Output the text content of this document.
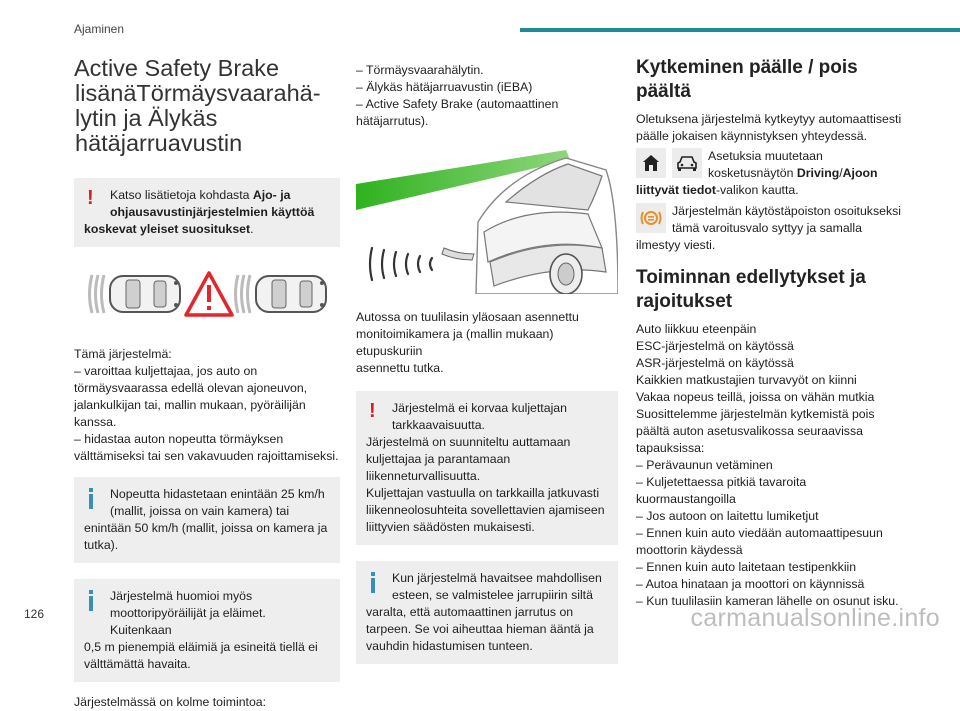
Ajaminen
Active Safety Brake
lisänäTörmäysvaarahä-
lytin ja Älykäs
hätäjarruavustin
!	Katso lisätietoja kohdasta Ajo- ja
ohjausavustinjärjestelmien käyttöä
koskevat yleiset suositukset.
Tämä järjestelmä:
– varoittaa kuljettajaa, jos auto on
törmäysvaarassa edellä olevan ajoneuvon,
jalankulkijan tai, mallin mukaan, pyöräilijän
kanssa.
– hidastaa auton nopeutta törmäyksen
välttämiseksi tai sen vakavuuden rajoittamiseksi.
Nopeutta hidastetaan enintään 25 km/h
(mallit, joissa on vain kamera) tai
enintään 50 km/h (mallit, joissa on kamera ja
tutka).
Järjestelmä huomioi myös
moottoripyöräilijät ja eläimet. Kuitenkaan
0,5 m pienempiä eläimiä ja esineitä tiellä ei
välttämättä havaita.

Järjestelmässä on kolme toimintoa:

– Törmäysvaarahälytin.
– Älykäs hätäjarruavustin (iEBA)
– Active Safety Brake (automaattinen
hätäjarrutus).
Autossa on tuulilasin yläosaan asennettu
monitoimikamera ja (mallin mukaan) etupuskuriin
asennettu tutka.
!	Järjestelmä ei korvaa kuljettajan
tarkkaavaisuutta.
Järjestelmä on suunniteltu auttamaan
kuljettajaa ja parantamaan
liikenneturvallisuutta.
Kuljettajan vastuulla on tarkkailla jatkuvasti
liikenneolosuhteita sovellettavien ajamiseen
liittyvien säädösten mukaisesti.
Kun järjestelmä havaitsee mahdollisen
esteen, se valmistelee jarrupiirin siltä
varalta, että automaattinen jarrutus on
tarpeen. Se voi aiheuttaa hieman ääntä ja
vauhdin hidastumisen tunteen.
Kytkeminen päälle / pois
päältä
Oletuksena järjestelmä kytkeytyy automaattisesti
päälle jokaisen käynnistyksen yhteydessä.
Asetuksia muutetaan
kosketusnäytön Driving/Ajoon
liittyvät tiedot-valikon kautta.
Järjestelmän käytöstäpoiston osoitukseksi
tämä varoitusvalo syttyy ja samalla
ilmestyy viesti.
Toiminnan edellytykset ja
rajoitukset
Auto liikkuu eteenpäin
ESC-järjestelmä on käytössä
ASR-järjestelmä on käytössä
Kaikkien matkustajien turvavyöt on kiinni
Vakaa nopeus teillä, joissa on vähän mutkia
Suosittelemme järjestelmän kytkemistä pois
päältä auton asetusvalikossa seuraavissa
tapauksissa:
– Perävaunun vetäminen
– Kuljetettaessa pitkiä tavaroita
kuormaustangoilla
– Jos autoon on laitettu lumiketjut
– Ennen kuin auto viedään automaattipesuun
moottorin käydessä
– Ennen kuin auto laitetaan testipenkkiin
– Autoa hinataan ja moottori on käynnissä
– Kun tuulilasiin kameran lähelle on osunut isku.
126	carmanualsonline.info
